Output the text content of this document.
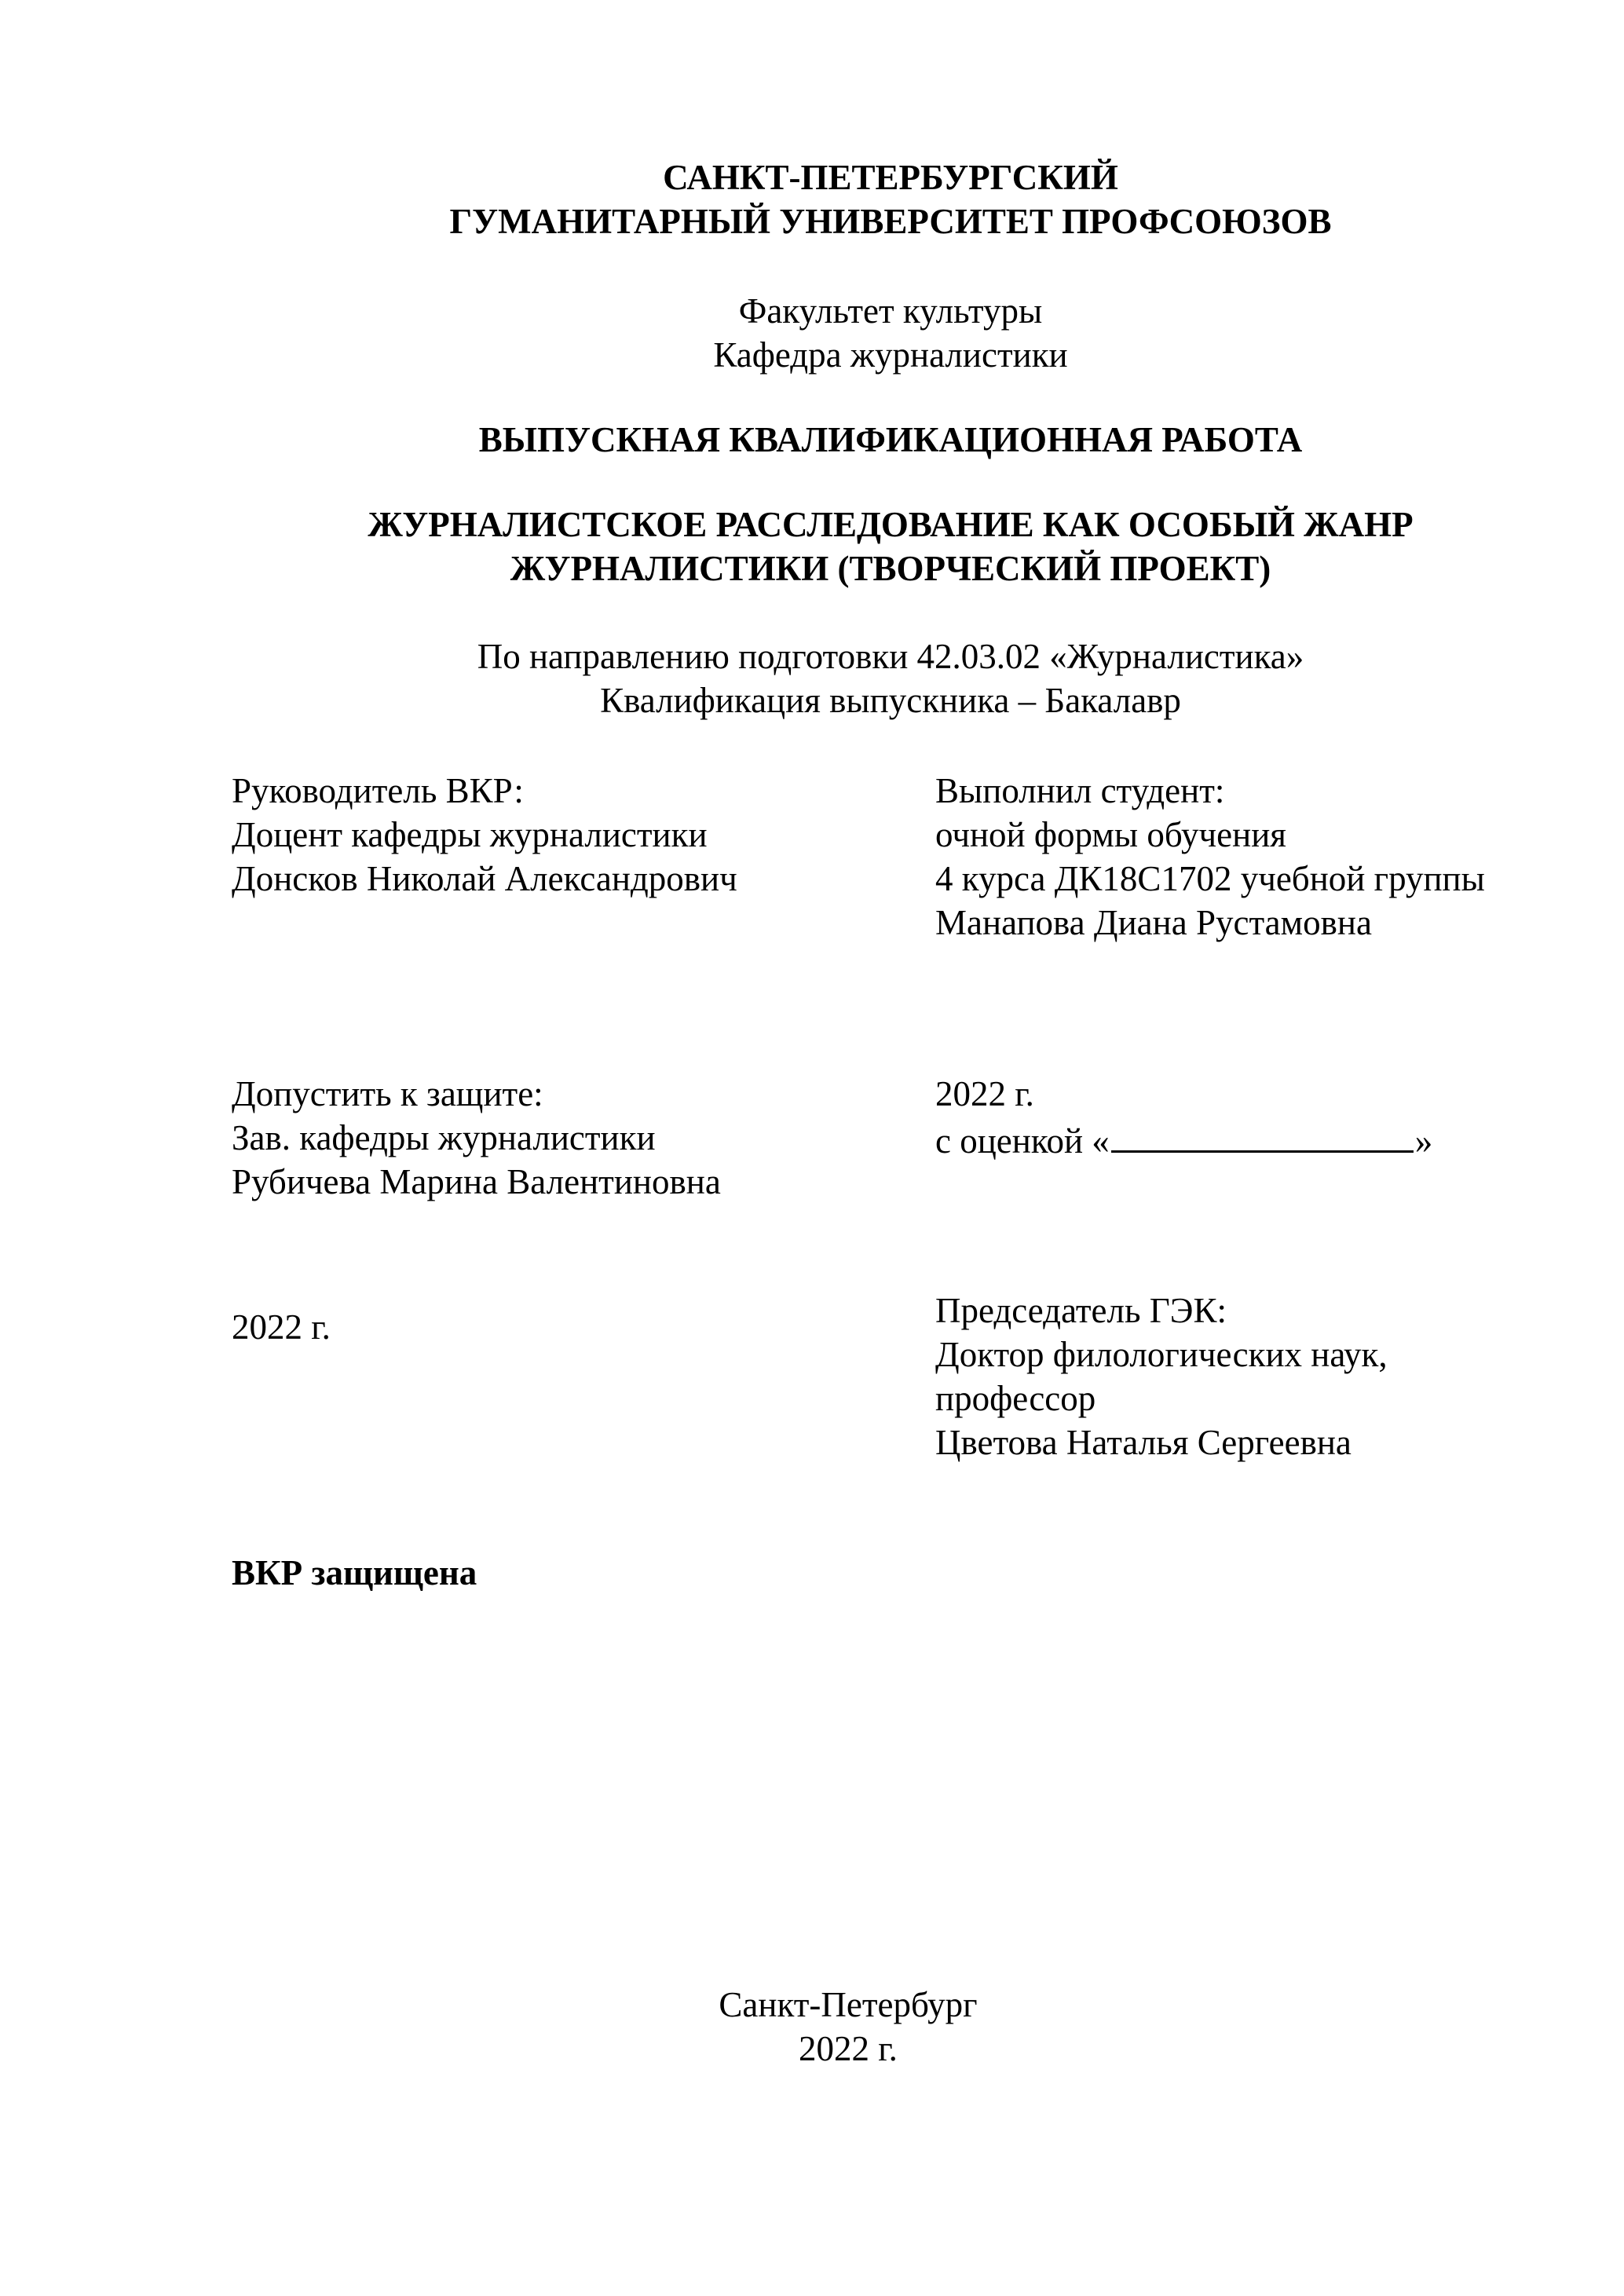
САНКТ-ПЕТЕРБУРГСКИЙ
ГУМАНИТАРНЫЙ УНИВЕРСИТЕТ ПРОФСОЮЗОВ
Факультет культуры
Кафедра журналистики
ВЫПУСКНАЯ КВАЛИФИКАЦИОННАЯ РАБОТА
ЖУРНАЛИСТСКОЕ РАССЛЕДОВАНИЕ КАК ОСОБЫЙ ЖАНР
ЖУРНАЛИСТИКИ (ТВОРЧЕСКИЙ ПРОЕКТ)
По направлению подготовки 42.03.02 «Журналистика»
Квалификация выпускника – Бакалавр
Руководитель ВКР:
Доцент кафедры журналистики
Донсков Николай Александрович
Выполнил студент:
очной формы обучения
4 курса ДК18С1702 учебной группы
Манапова Диана Рустамовна
Допустить к защите:
Зав. кафедры журналистики
Рубичева Марина Валентиновна
2022 г.
с оценкой «	»
2022 г.	Председатель ГЭК:
Доктор филологических наук,
профессор
Цветова Наталья Сергеевна
ВКР защищена
Санкт-Петербург
2022 г.
